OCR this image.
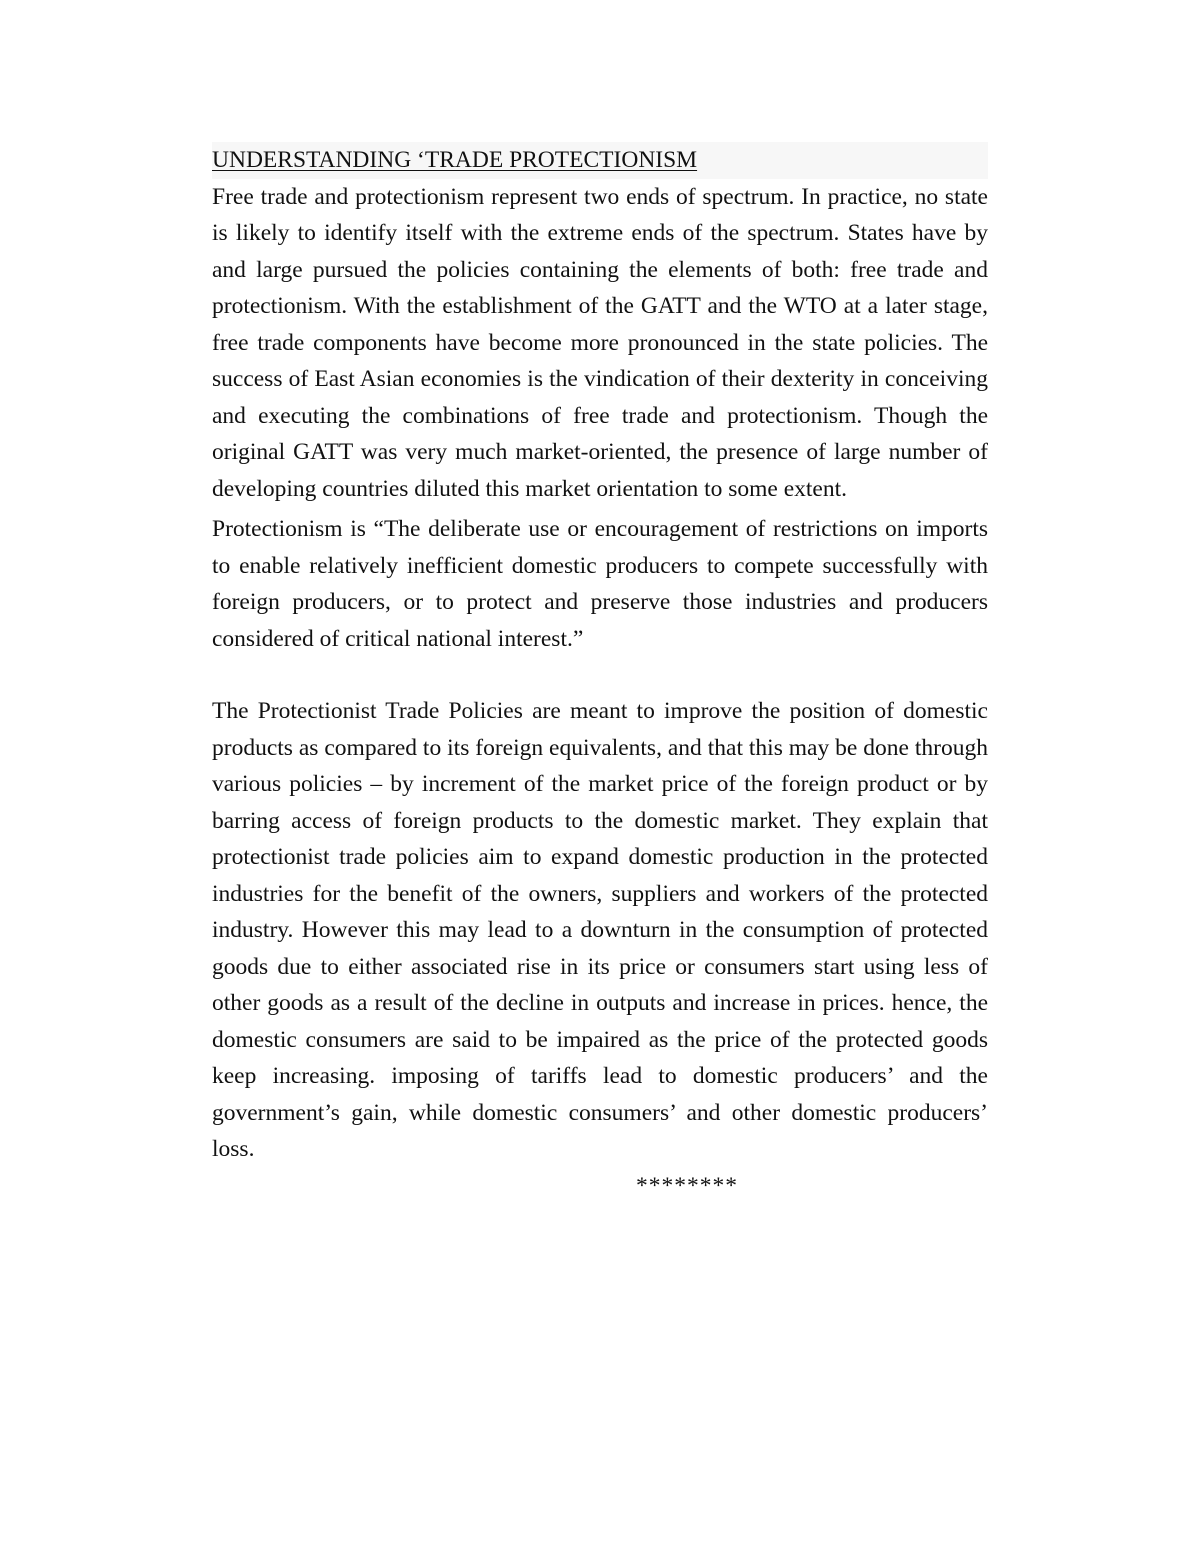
UNDERSTANDING ‘TRADE PROTECTIONISM

Free trade and protectionism represent two ends of spectrum. In practice, no state is likely to identify itself with the extreme ends of the spectrum. States have by and large pursued the policies containing the elements of both: free trade and protectionism. With the establishment of the GATT and the WTO at a later stage, free trade components have become more pronounced in the state policies. The success of East Asian economies is the vindication of their dexterity in conceiving and executing the combinations of free trade and protectionism. Though the original GATT was very much market-oriented, the presence of large number of developing countries diluted this market orientation to some extent.

Protectionism is “The deliberate use or encouragement of restrictions on imports to enable relatively inefficient domestic producers to compete successfully with foreign producers, or to protect and preserve those industries and producers considered of critical national interest.”

The Protectionist Trade Policies are meant to improve the position of domestic products as compared to its foreign equivalents, and that this may be done through various policies – by increment of the market price of the foreign product or by barring access of foreign products to the domestic market. They explain that protectionist trade policies aim to expand domestic production in the protected industries for the benefit of the owners, suppliers and workers of the protected industry. However this may lead to a downturn in the consumption of protected goods due to either associated rise in its price or consumers start using less of other goods as a result of the decline in outputs and increase in prices. hence, the domestic consumers are said to be impaired as the price of the protected goods keep increasing. imposing of tariffs lead to domestic producers’ and the government’s gain, while domestic consumers’ and other domestic producers’ loss.

********
